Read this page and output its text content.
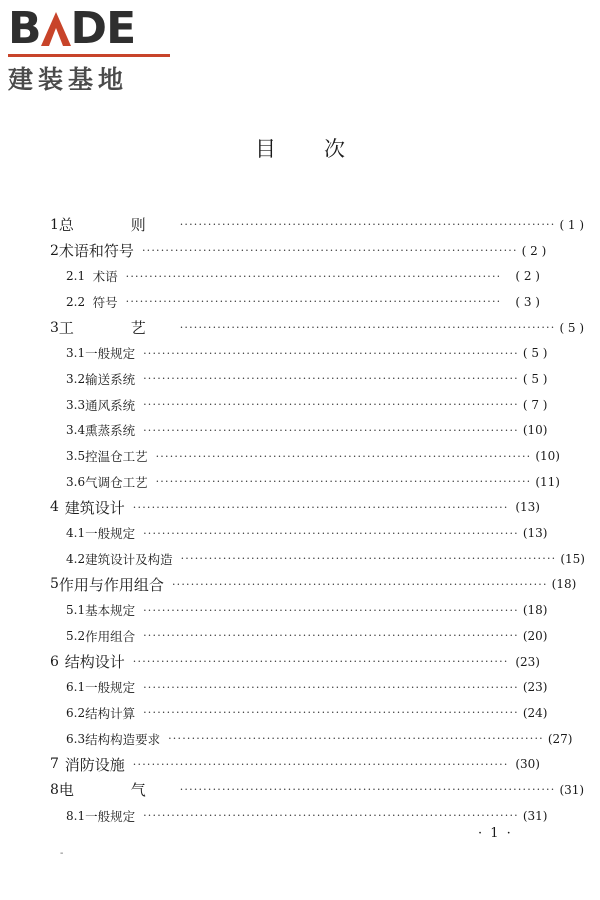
B DE
建装基地
目次
1 总 则 ················································································ ( 1 )
2 术语和符号 ················································································ ( 2 )
2.1 术语 ················································································	( 2 )
2.2 符号 ················································································	( 3 )
3 工 艺 ················································································ ( 5 )
3.1 一般规定 ················································································ ( 5 )
3.2 输送系统 ················································································ ( 5 )
3.3 通风系统 ················································································ ( 7 )
3.4 熏蒸系统 ················································································ (10)
3.5 控温仓工艺 ················································································ (10)
3.6 气调仓工艺 ················································································ (11)
4 建筑设计 ················································································ (13)
4.1 一般规定 ················································································ (13)
4.2 建筑设计及构造 ················································································ (15)
5 作用与作用组合 ················································································ (18)
5.1 基本规定 ················································································ (18)
5.2 作用组合 ················································································ (20)
6 结构设计 ················································································ (23)
6.1 一般规定 ················································································ (23)
6.2 结构计算 ················································································ (24)
6.3 结构构造要求 ················································································ (27)
7 消防设施 ················································································ (30)
8 电 气 ················································································ (31)
8.1 一般规定 ················································································ (31)
· 1 ·
-
